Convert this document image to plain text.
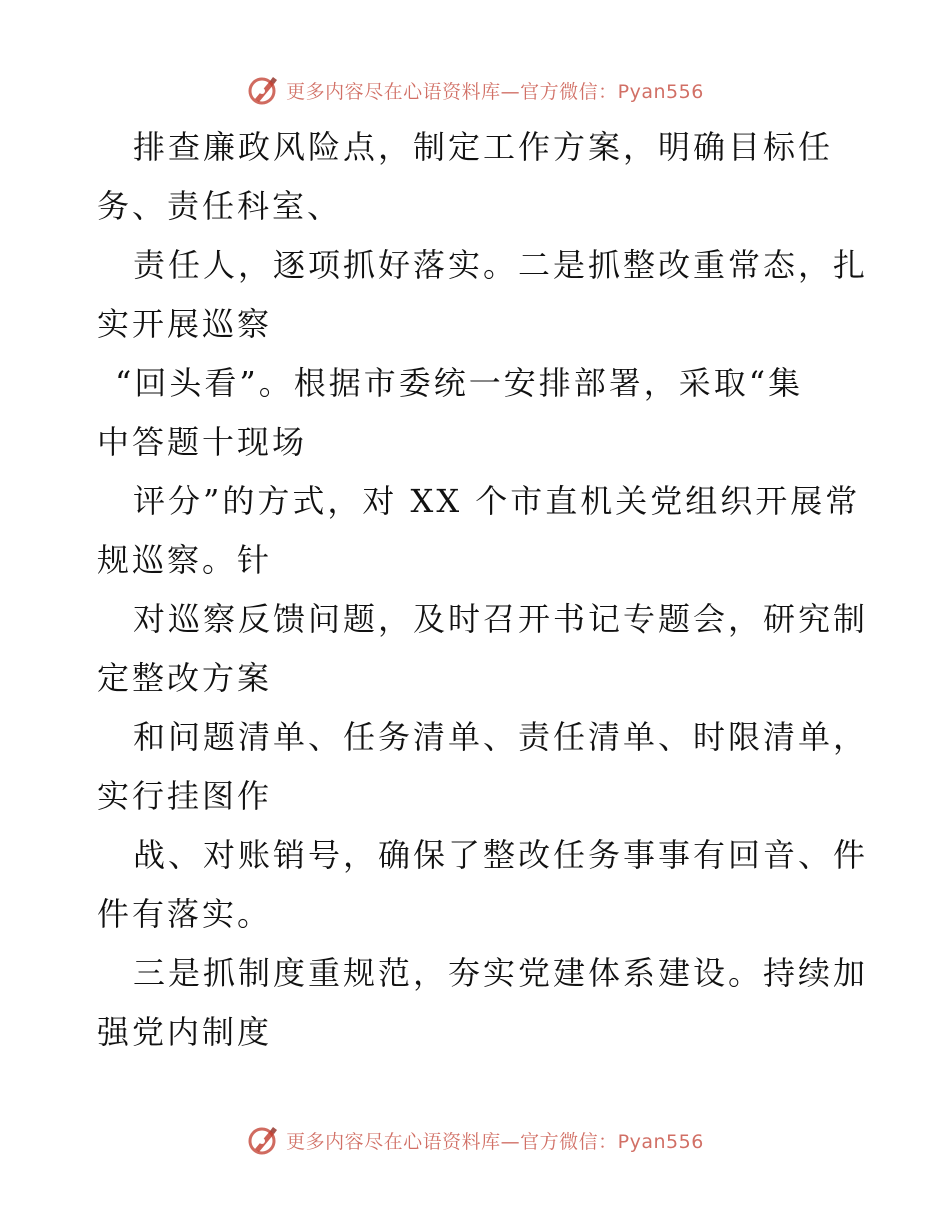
更多内容尽在心语资料库—官方微信：Pyan556
排查廉政风险点，制定工作方案，明确目标任
务、责任科室、
责任人，逐项抓好落实。二是抓整改重常态，扎
实开展巡察
“回头看”。根据市委统一安排部署，采取“集
中答题十现场
评分”的方式，对 XX 个市直机关党组织开展常
规巡察。针
对巡察反馈问题，及时召开书记专题会，研究制
定整改方案
和问题清单、任务清单、责任清单、时限清单，
实行挂图作
战、对账销号，确保了整改任务事事有回音、件
件有落实。
三是抓制度重规范，夯实党建体系建设。持续加
强党内制度
更多内容尽在心语资料库—官方微信：Pyan556
